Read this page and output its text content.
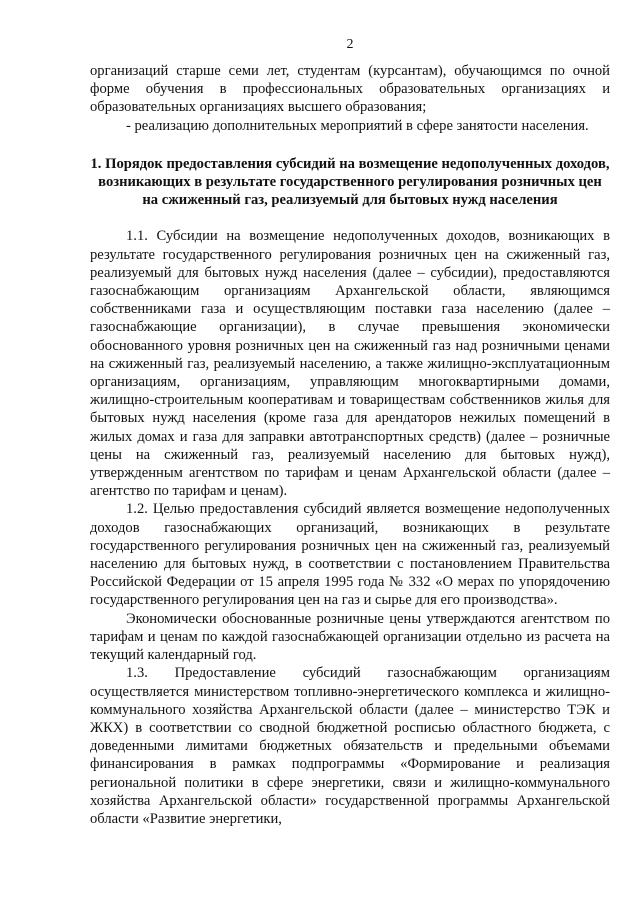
2

организаций старше семи лет, студентам (курсантам), обучающимся по очной форме обучения в профессиональных образовательных организациях и образовательных организациях высшего образования;

- реализацию дополнительных мероприятий в сфере занятости населения.

1. Порядок предоставления субсидий на возмещение недополученных доходов, возникающих в результате государственного регулирования розничных цен на сжиженный газ, реализуемый для бытовых нужд населения

1.1. Субсидии на возмещение недополученных доходов, возникающих в результате государственного регулирования розничных цен на сжиженный газ, реализуемый для бытовых нужд населения (далее – субсидии), предоставляются газоснабжающим организациям Архангельской области, являющимся собственниками газа и осуществляющим поставки газа населению (далее – газоснабжающие организации), в случае превышения экономически обоснованного уровня розничных цен на сжиженный газ над розничными ценами на сжиженный газ, реализуемый населению, а также жилищно-эксплуатационным организациям, организациям, управляющим многоквартирными домами, жилищно-строительным кооперативам и товариществам собственников жилья для бытовых нужд населения (кроме газа для арендаторов нежилых помещений в жилых домах и газа для заправки автотранспортных средств) (далее – розничные цены на сжиженный газ, реализуемый населению для бытовых нужд), утвержденным агентством по тарифам и ценам Архангельской области (далее – агентство по тарифам и ценам).

1.2. Целью предоставления субсидий является возмещение недополученных доходов газоснабжающих организаций, возникающих в результате государственного регулирования розничных цен на сжиженный газ, реализуемый населению для бытовых нужд, в соответствии с постановлением Правительства Российской Федерации от 15 апреля 1995 года № 332 «О мерах по упорядочению государственного регулирования цен на газ и сырье для его производства».

Экономически обоснованные розничные цены утверждаются агентством по тарифам и ценам по каждой газоснабжающей организации отдельно из расчета на текущий календарный год.

1.3. Предоставление субсидий газоснабжающим организациям осуществляется министерством топливно-энергетического комплекса и жилищно-коммунального хозяйства Архангельской области (далее – министерство ТЭК и ЖКХ) в соответствии со сводной бюджетной росписью областного бюджета, с доведенными лимитами бюджетных обязательств и предельными объемами финансирования в рамках подпрограммы «Формирование и реализация региональной политики в сфере энергетики, связи и жилищно-коммунального хозяйства Архангельской области» государственной программы Архангельской области «Развитие энергетики,
